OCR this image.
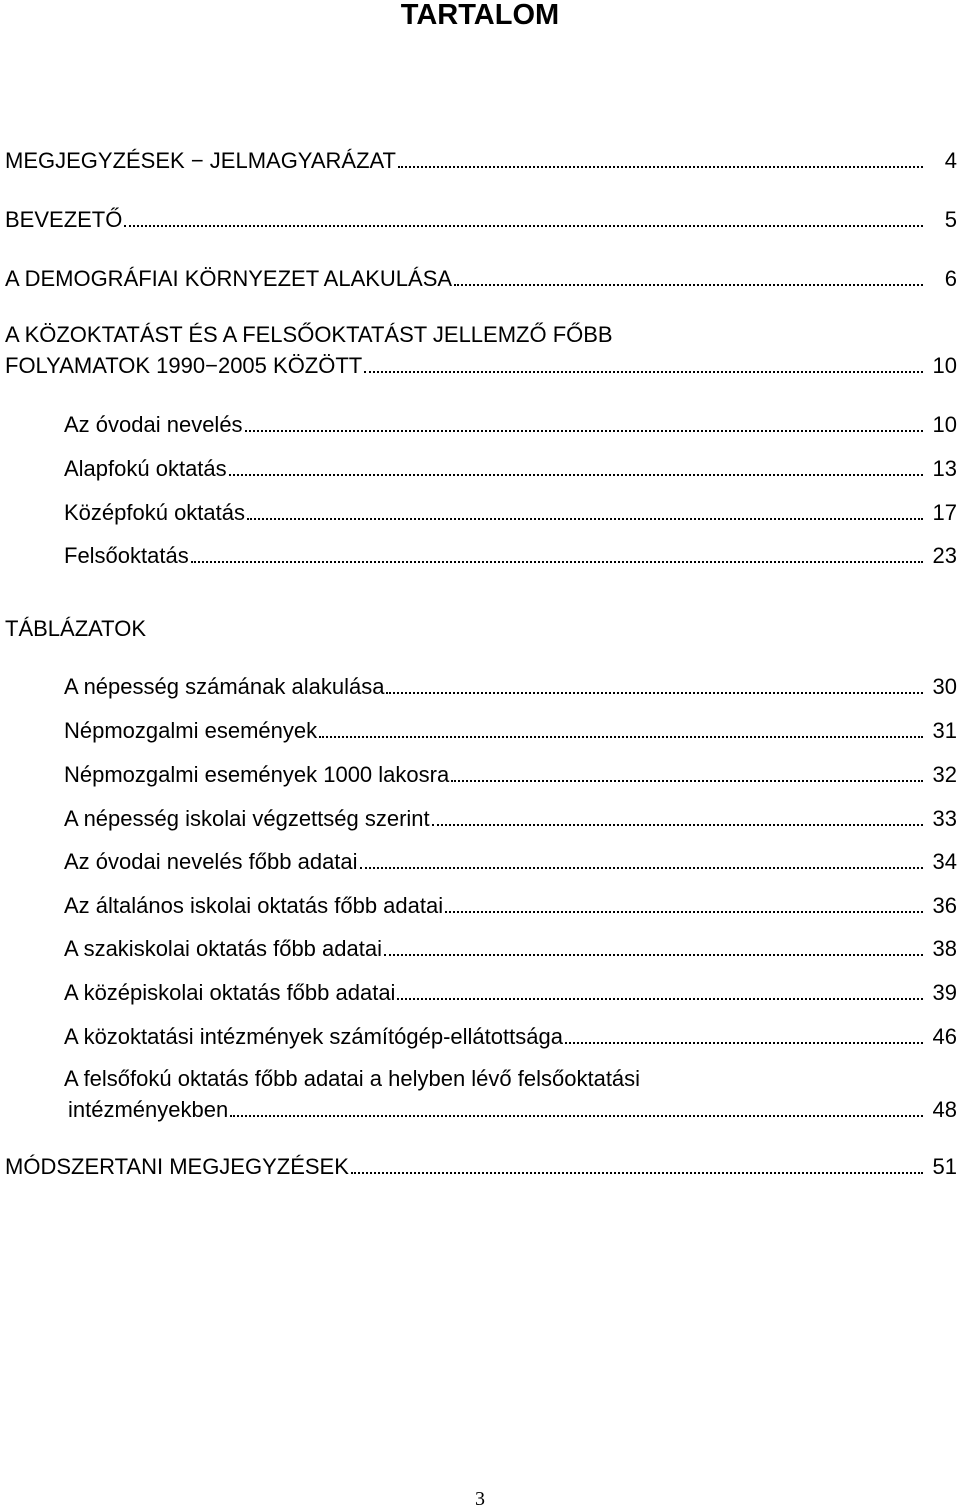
TARTALOM
MEGJEGYZÉSEK − JELMAGYARÁZAT	4
BEVEZETŐ	5
A DEMOGRÁFIAI KÖRNYEZET ALAKULÁSA	6
A KÖZOKTATÁST ÉS A FELSŐOKTATÁST JELLEMZŐ FŐBB
FOLYAMATOK 1990−2005 KÖZÖTT	10
Az óvodai nevelés	10
Alapfokú oktatás	13
Középfokú oktatás	17
Felsőoktatás	23
TÁBLÁZATOK
A népesség számának alakulása	30
Népmozgalmi események	31
Népmozgalmi események 1000 lakosra	32
A népesség iskolai végzettség szerint	33
Az óvodai nevelés főbb adatai	34
Az általános iskolai oktatás főbb adatai	36
A szakiskolai oktatás főbb adatai	38
A középiskolai oktatás főbb adatai	39
A közoktatási intézmények számítógép-ellátottsága	46
A felsőfokú oktatás főbb adatai a helyben lévő felsőoktatási
intézményekben	48
MÓDSZERTANI MEGJEGYZÉSEK	51
3
